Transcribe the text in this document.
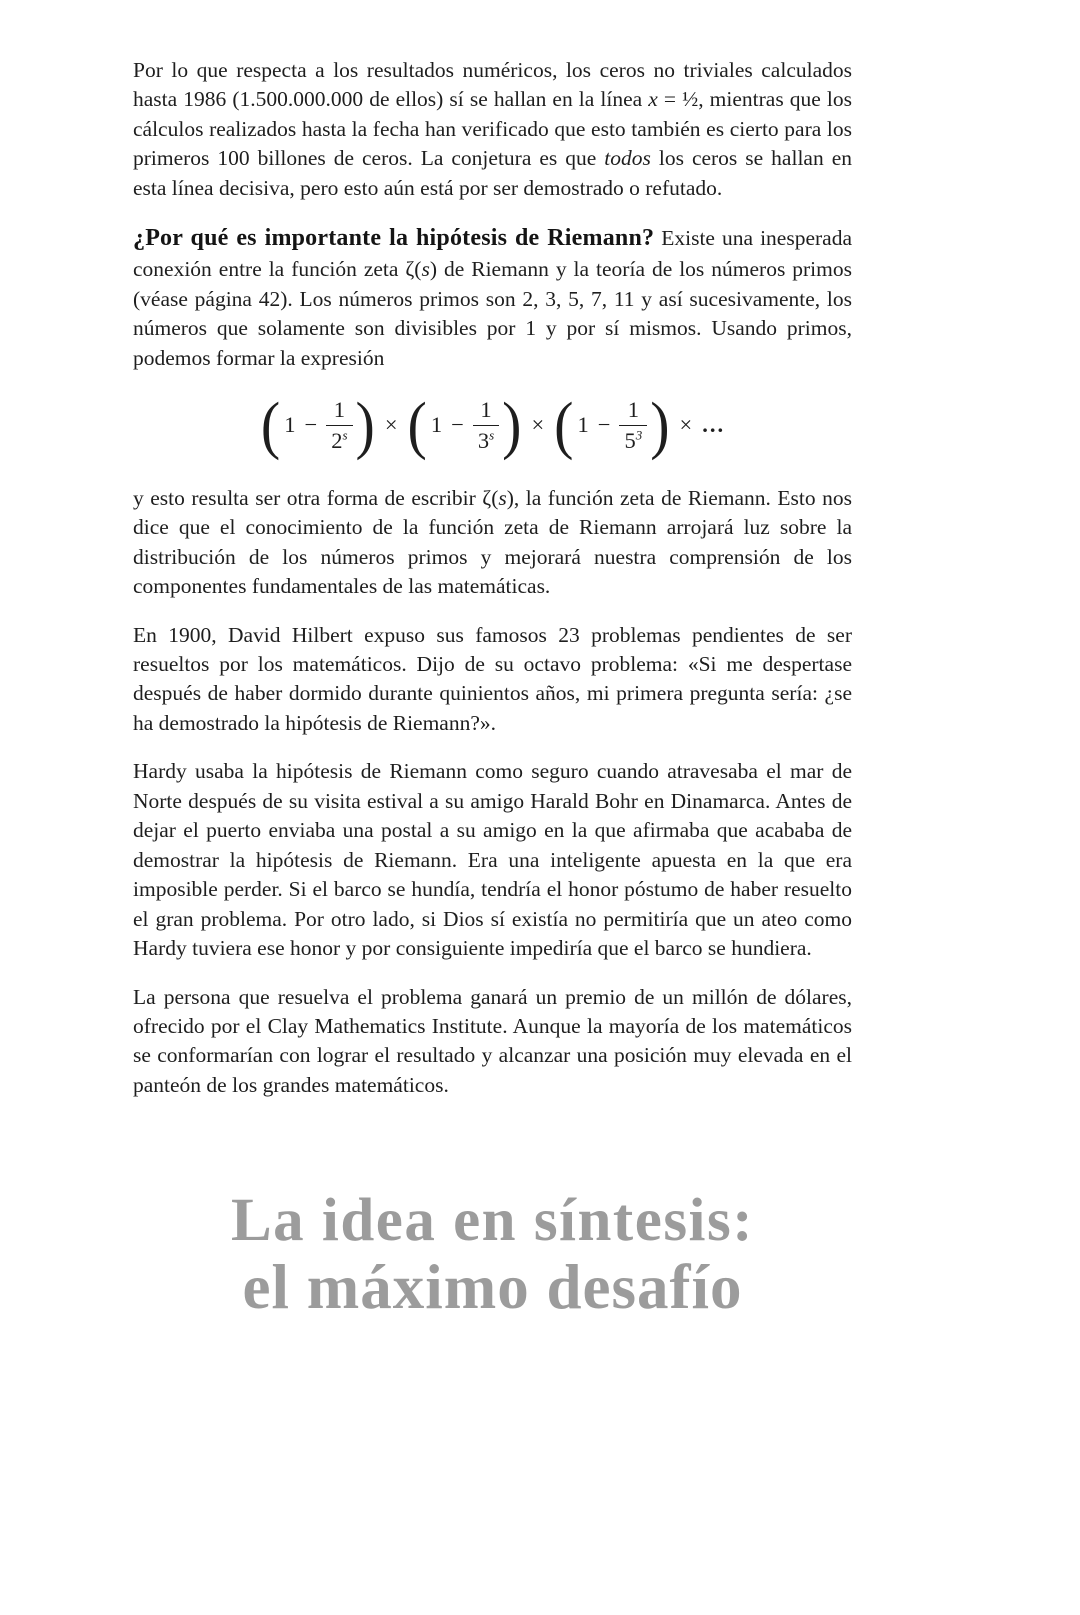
Por lo que respecta a los resultados numéricos, los ceros no triviales calculados hasta 1986 (1.500.000.000 de ellos) sí se hallan en la línea x = ½, mientras que los cálculos realizados hasta la fecha han verificado que esto también es cierto para los primeros 100 billones de ceros. La conjetura es que todos los ceros se hallan en esta línea decisiva, pero esto aún está por ser demostrado o refutado.

¿Por qué es importante la hipótesis de Riemann? Existe una inesperada conexión entre la función zeta ζ(s) de Riemann y la teoría de los números primos (véase página 42). Los números primos son 2, 3, 5, 7, 11 y así sucesivamente, los números que solamente son divisibles por 1 y por sí mismos. Usando primos, podemos formar la expresión

( $1 - \frac{1}{2^s}$ ) × ( $1 - \frac{1}{3^s}$ ) × ( $1 - \frac{1}{5^3}$ ) × ...

y esto resulta ser otra forma de escribir ζ(s), la función zeta de Riemann. Esto nos dice que el conocimiento de la función zeta de Riemann arrojará luz sobre la distribución de los números primos y mejorará nuestra comprensión de los componentes fundamentales de las matemáticas.

En 1900, David Hilbert expuso sus famosos 23 problemas pendientes de ser resueltos por los matemáticos. Dijo de su octavo problema: «Si me despertase después de haber dormido durante quinientos años, mi primera pregunta sería: ¿se ha demostrado la hipótesis de Riemann?».

Hardy usaba la hipótesis de Riemann como seguro cuando atravesaba el mar de Norte después de su visita estival a su amigo Harald Bohr en Dinamarca. Antes de dejar el puerto enviaba una postal a su amigo en la que afirmaba que acababa de demostrar la hipótesis de Riemann. Era una inteligente apuesta en la que era imposible perder. Si el barco se hundía, tendría el honor póstumo de haber resuelto el gran problema. Por otro lado, si Dios sí existía no permitiría que un ateo como Hardy tuviera ese honor y por consiguiente impediría que el barco se hundiera.

La persona que resuelva el problema ganará un premio de un millón de dólares, ofrecido por el Clay Mathematics Institute. Aunque la mayoría de los matemáticos se conformarían con lograr el resultado y alcanzar una posición muy elevada en el panteón de los grandes matemáticos.

La idea en síntesis:
el máximo desafío
